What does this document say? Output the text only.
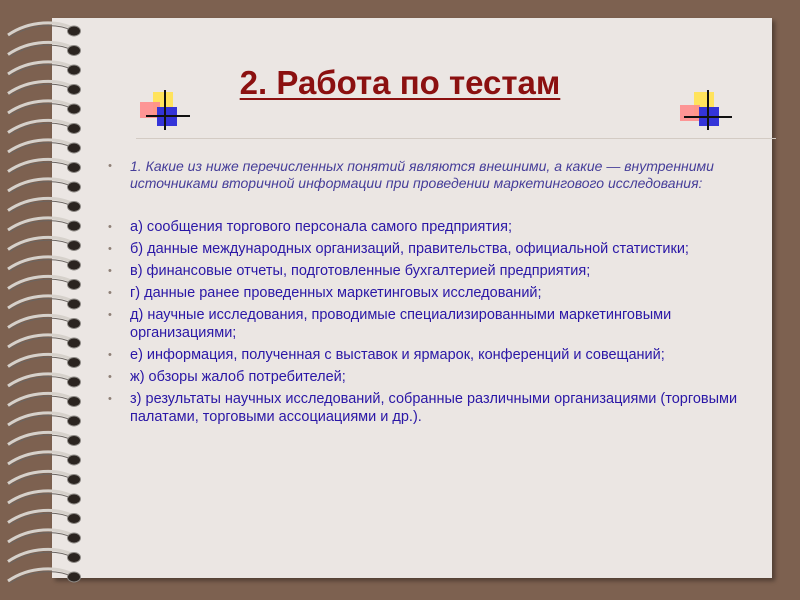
2. Работа по тестам
•	1. Какие из ниже перечисленных понятий являются внешними, а какие — внутренними источниками вторичной информации при проведении маркетингового исследования:
•	а) сообщения торгового персонала самого предприятия;
•	б) данные международных организаций, правительства, официальной статистики;
•	в) финансовые отчеты, подготовленные бухгалтерией предприятия;
•	г) данные ранее проведенных маркетинговых исследований;
•	д) научные исследования, проводимые специализированными маркетинговыми организациями;
•	е) информация, полученная с выставок и ярмарок, конференций и совещаний;
•	ж) обзоры жалоб потребителей;
•	з) результаты научных исследований, собранные различными организациями (торговыми палатами, торговыми ассоциациями и др.).
